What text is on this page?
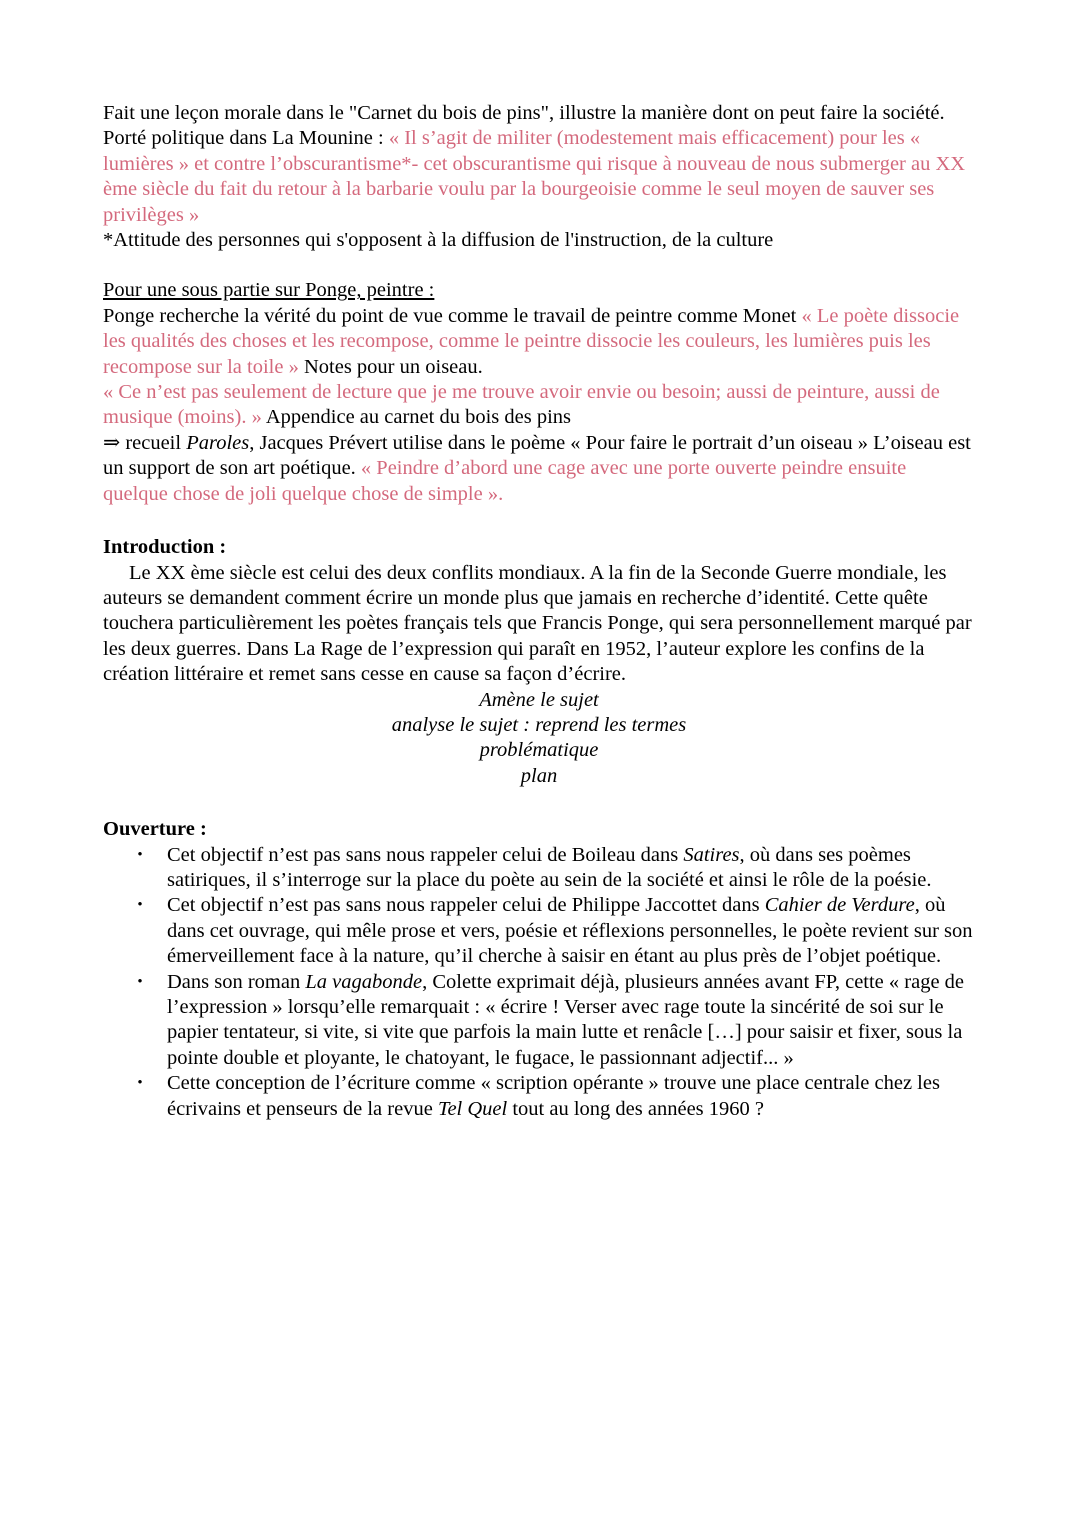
Fait une leçon morale dans le "Carnet du bois de pins", illustre la manière dont on peut faire la société.

Porté politique dans La Mounine : « Il s’agit de militer (modestement mais efficacement) pour les « lumières » et contre l’obscurantisme*- cet obscurantisme qui risque à nouveau de nous submerger au XX ème siècle du fait du retour à la barbarie voulu par la bourgeoisie comme le seul moyen de sauver ses privilèges »

*Attitude des personnes qui s'opposent à la diffusion de l'instruction, de la culture

Pour une sous partie sur Ponge, peintre :

Ponge recherche la vérité du point de vue comme le travail de peintre comme Monet « Le poète dissocie les qualités des choses et les recompose, comme le peintre dissocie les couleurs, les lumières puis les recompose sur la toile » Notes pour un oiseau.

« Ce n’est pas seulement de lecture que je me trouve avoir envie ou besoin; aussi de peinture, aussi de musique (moins). » Appendice au carnet du bois des pins

⇒ recueil Paroles, Jacques Prévert utilise dans le poème « Pour faire le portrait d’un oiseau » L’oiseau est un support de son art poétique. « Peindre d’abord une cage avec une porte ouverte peindre ensuite quelque chose de joli quelque chose de simple ».

Introduction :

Le XX ème siècle est celui des deux conflits mondiaux. A la fin de la Seconde Guerre mondiale, les auteurs se demandent comment écrire un monde plus que jamais en recherche d’identité. Cette quête touchera particulièrement les poètes français tels que Francis Ponge, qui sera personnellement marqué par les deux guerres. Dans La Rage de l’expression qui paraît en 1952, l’auteur explore les confins de la création littéraire et remet sans cesse en cause sa façon d’écrire.

Amène le sujet

analyse le sujet : reprend les termes

problématique

plan

Ouverture :

• Cet objectif n’est pas sans nous rappeler celui de Boileau dans Satires, où dans ses poèmes satiriques, il s’interroge sur la place du poète au sein de la société et ainsi le rôle de la poésie.
• Cet objectif n’est pas sans nous rappeler celui de Philippe Jaccottet dans Cahier de Verdure, où dans cet ouvrage, qui mêle prose et vers, poésie et réflexions personnelles, le poète revient sur son émerveillement face à la nature, qu’il cherche à saisir en étant au plus près de l’objet poétique.
• Dans son roman La vagabonde, Colette exprimait déjà, plusieurs années avant FP, cette « rage de l’expression » lorsqu’elle remarquait : « écrire ! Verser avec rage toute la sincérité de soi sur le papier tentateur, si vite, si vite que parfois la main lutte et renâcle […] pour saisir et fixer, sous la pointe double et ployante, le chatoyant, le fugace, le passionnant adjectif... »
• Cette conception de l’écriture comme « scription opérante » trouve une place centrale chez les écrivains et penseurs de la revue Tel Quel tout au long des années 1960 ?
